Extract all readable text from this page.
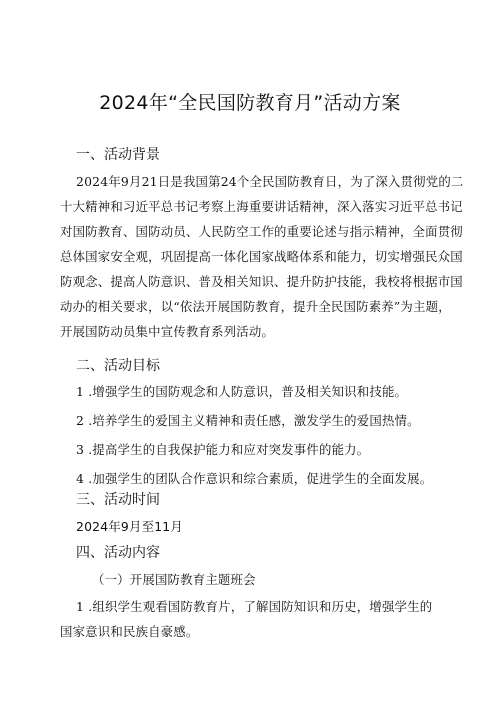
2024年“全民国防教育月”活动方案
一、活动背景
2024年9月21日是我国第24个全民国防教育日，为了深入贯彻党的二
十大精神和习近平总书记考察上海重要讲话精神，深入落实习近平总书记
对国防教育、国防动员、人民防空工作的重要论述与指示精神，全面贯彻
总体国家安全观，巩固提高一体化国家战略体系和能力，切实增强民众国
防观念、提高人防意识、普及相关知识、提升防护技能，我校将根据市国
动办的相关要求，以“依法开展国防教育，提升全民国防素养”为主题，
开展国防动员集中宣传教育系列活动。
二、活动目标
1 .增强学生的国防观念和人防意识，普及相关知识和技能。
2 .培养学生的爱国主义精神和责任感，激发学生的爱国热情。
3 .提高学生的自我保护能力和应对突发事件的能力。
4 .加强学生的团队合作意识和综合素质，促进学生的全面发展。
三、活动时间
2024年9月至11月
四、活动内容
（一）开展国防教育主题班会
1 .组织学生观看国防教育片，了解国防知识和历史，增强学生的
国家意识和民族自豪感。
